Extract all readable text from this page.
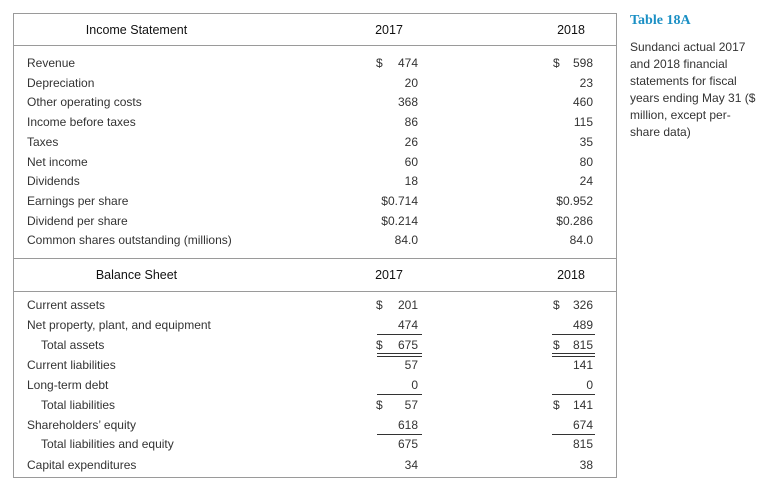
Income Statement	2017	2018
Revenue	$ 474	$ 598
Depreciation	20	23
Other operating costs	368	460
Income before taxes	86	115
Taxes	26	35
Net income	60	80
Dividends	18	24
Earnings per share	$0.714	$0.952
Dividend per share	$0.214	$0.286
Common shares outstanding (millions)	84.0	84.0
Balance Sheet	2017	2018
Current assets	$ 201	$ 326
Net property, plant, and equipment	474	489
Total assets	$ 675	$ 815
Current liabilities	57	141
Long-term debt	0	0
Total liabilities	$ 57	$ 141
Shareholders’ equity	618	674
Total liabilities and equity	675	815
Capital expenditures	34	38
Table 18A
Sundanci actual 2017 and 2018 financial statements for fiscal years ending May 31 ($ million, except per-share data)
